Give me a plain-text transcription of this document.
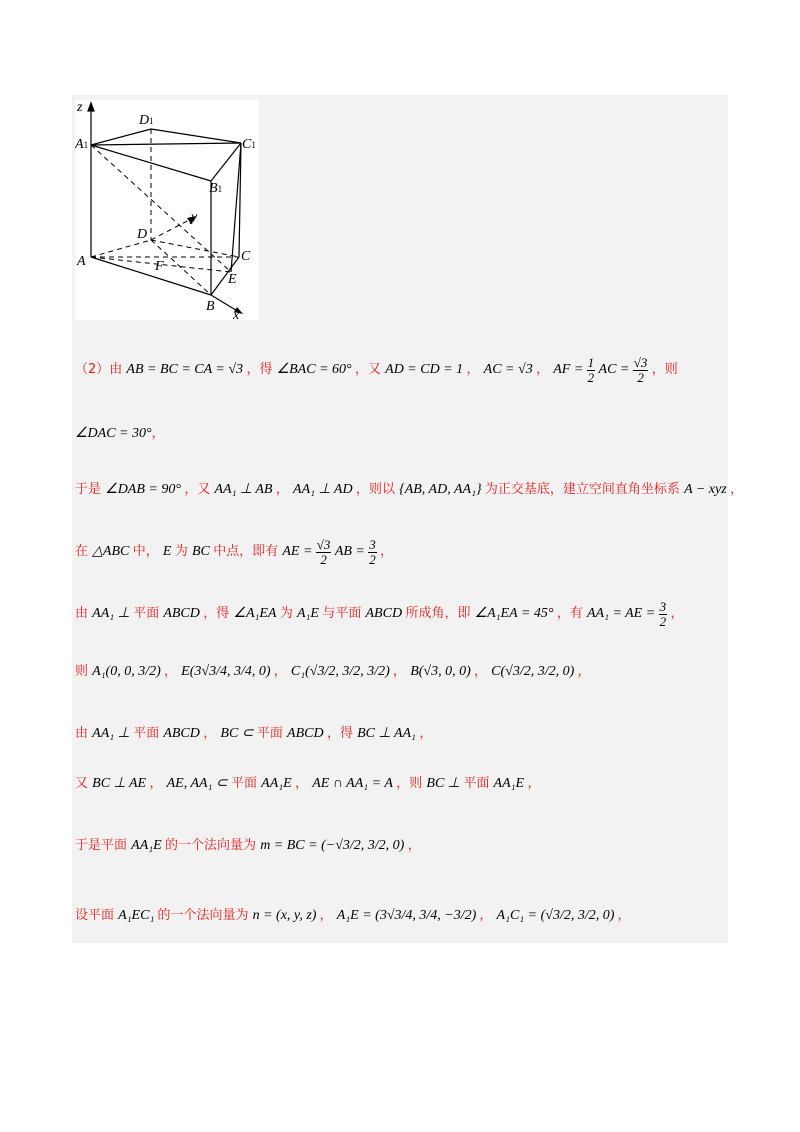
z
D1
A1	C1
B1
y
D
C
A	F
E
B
x
（2）由 AB = BC = CA = √3 ，得 ∠BAC = 60° ，又 AD = CD = 1 ， AC = √3 ， AF = $\frac{1}{2}$ AC = $\frac{√3}{2}$ ，则
∠DAC = 30°，
于是 ∠DAB = 90° ，又 AA₁ ⊥ AB ， AA₁ ⊥ AD ，则以 {AB, AD, AA₁} 为正交基底，建立空间直角坐标系 A − xyz ，
在 △ABC 中， E 为 BC 中点，即有 AE = $\frac{√3}{2}$ AB = $\frac{3}{2}$ ，
由 AA₁ ⊥ 平面 ABCD ，得 ∠A₁EA 为 A₁E 与平面 ABCD 所成角，即 ∠A₁EA = 45° ，有 AA₁ = AE = $\frac{3}{2}$ ，
则 A₁(0, 0, 3/2) ， E(3√3/4, 3/4, 0) ， C₁(√3/2, 3/2, 3/2) ， B(√3, 0, 0) ， C(√3/2, 3/2, 0) ，
由 AA₁ ⊥ 平面 ABCD ， BC ⊂ 平面 ABCD ，得 BC ⊥ AA₁ ，
又 BC ⊥ AE ， AE, AA₁ ⊂ 平面 AA₁E ， AE ∩ AA₁ = A ，则 BC ⊥ 平面 AA₁E ，
于是平面 AA₁E 的一个法向量为 m = BC = (−√3/2, 3/2, 0) ，
设平面 A₁EC₁ 的一个法向量为 n = (x, y, z) ， A₁E = (3√3/4, 3/4, −3/2) ， A₁C₁ = (√3/2, 3/2, 0) ，
